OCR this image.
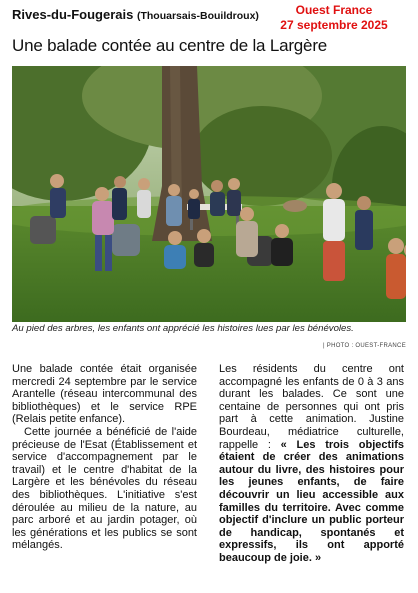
Rives-du-Fougerais (Thouarsais-Bouildroux)	Ouest France
27 septembre 2025
Une balade contée au centre de la Largère
Au pied des arbres, les enfants ont apprécié les histoires lues par les bénévoles.
| PHOTO : OUEST-FRANCE

Une balade contée était organisée mercredi 24 septembre par le service Arantelle (réseau intercommunal des bibliothèques) et le service RPE (Relais petite enfance).

Cette journée a bénéficié de l'aide précieuse de l'Esat (Établissement et service d'accompagnement par le travail) et le centre d'habitat de la Largère et les bénévoles du réseau des bibliothèques. L'initiative s'est déroulée au milieu de la nature, au parc arboré et au jardin potager, où les générations et les publics se sont mélangés.

Les résidents du centre ont accompagné les enfants de 0 à 3 ans durant les balades. Ce sont une centaine de personnes qui ont pris part à cette animation. Justine Bourdeau, médiatrice culturelle, rappelle : « Les trois objectifs étaient de créer des animations autour du livre, des histoires pour les jeunes enfants, de faire découvrir un lieu accessible aux familles du territoire. Avec comme objectif d'inclure un public porteur de handicap, spontanés et expressifs, ils ont apporté beaucoup de joie. »
